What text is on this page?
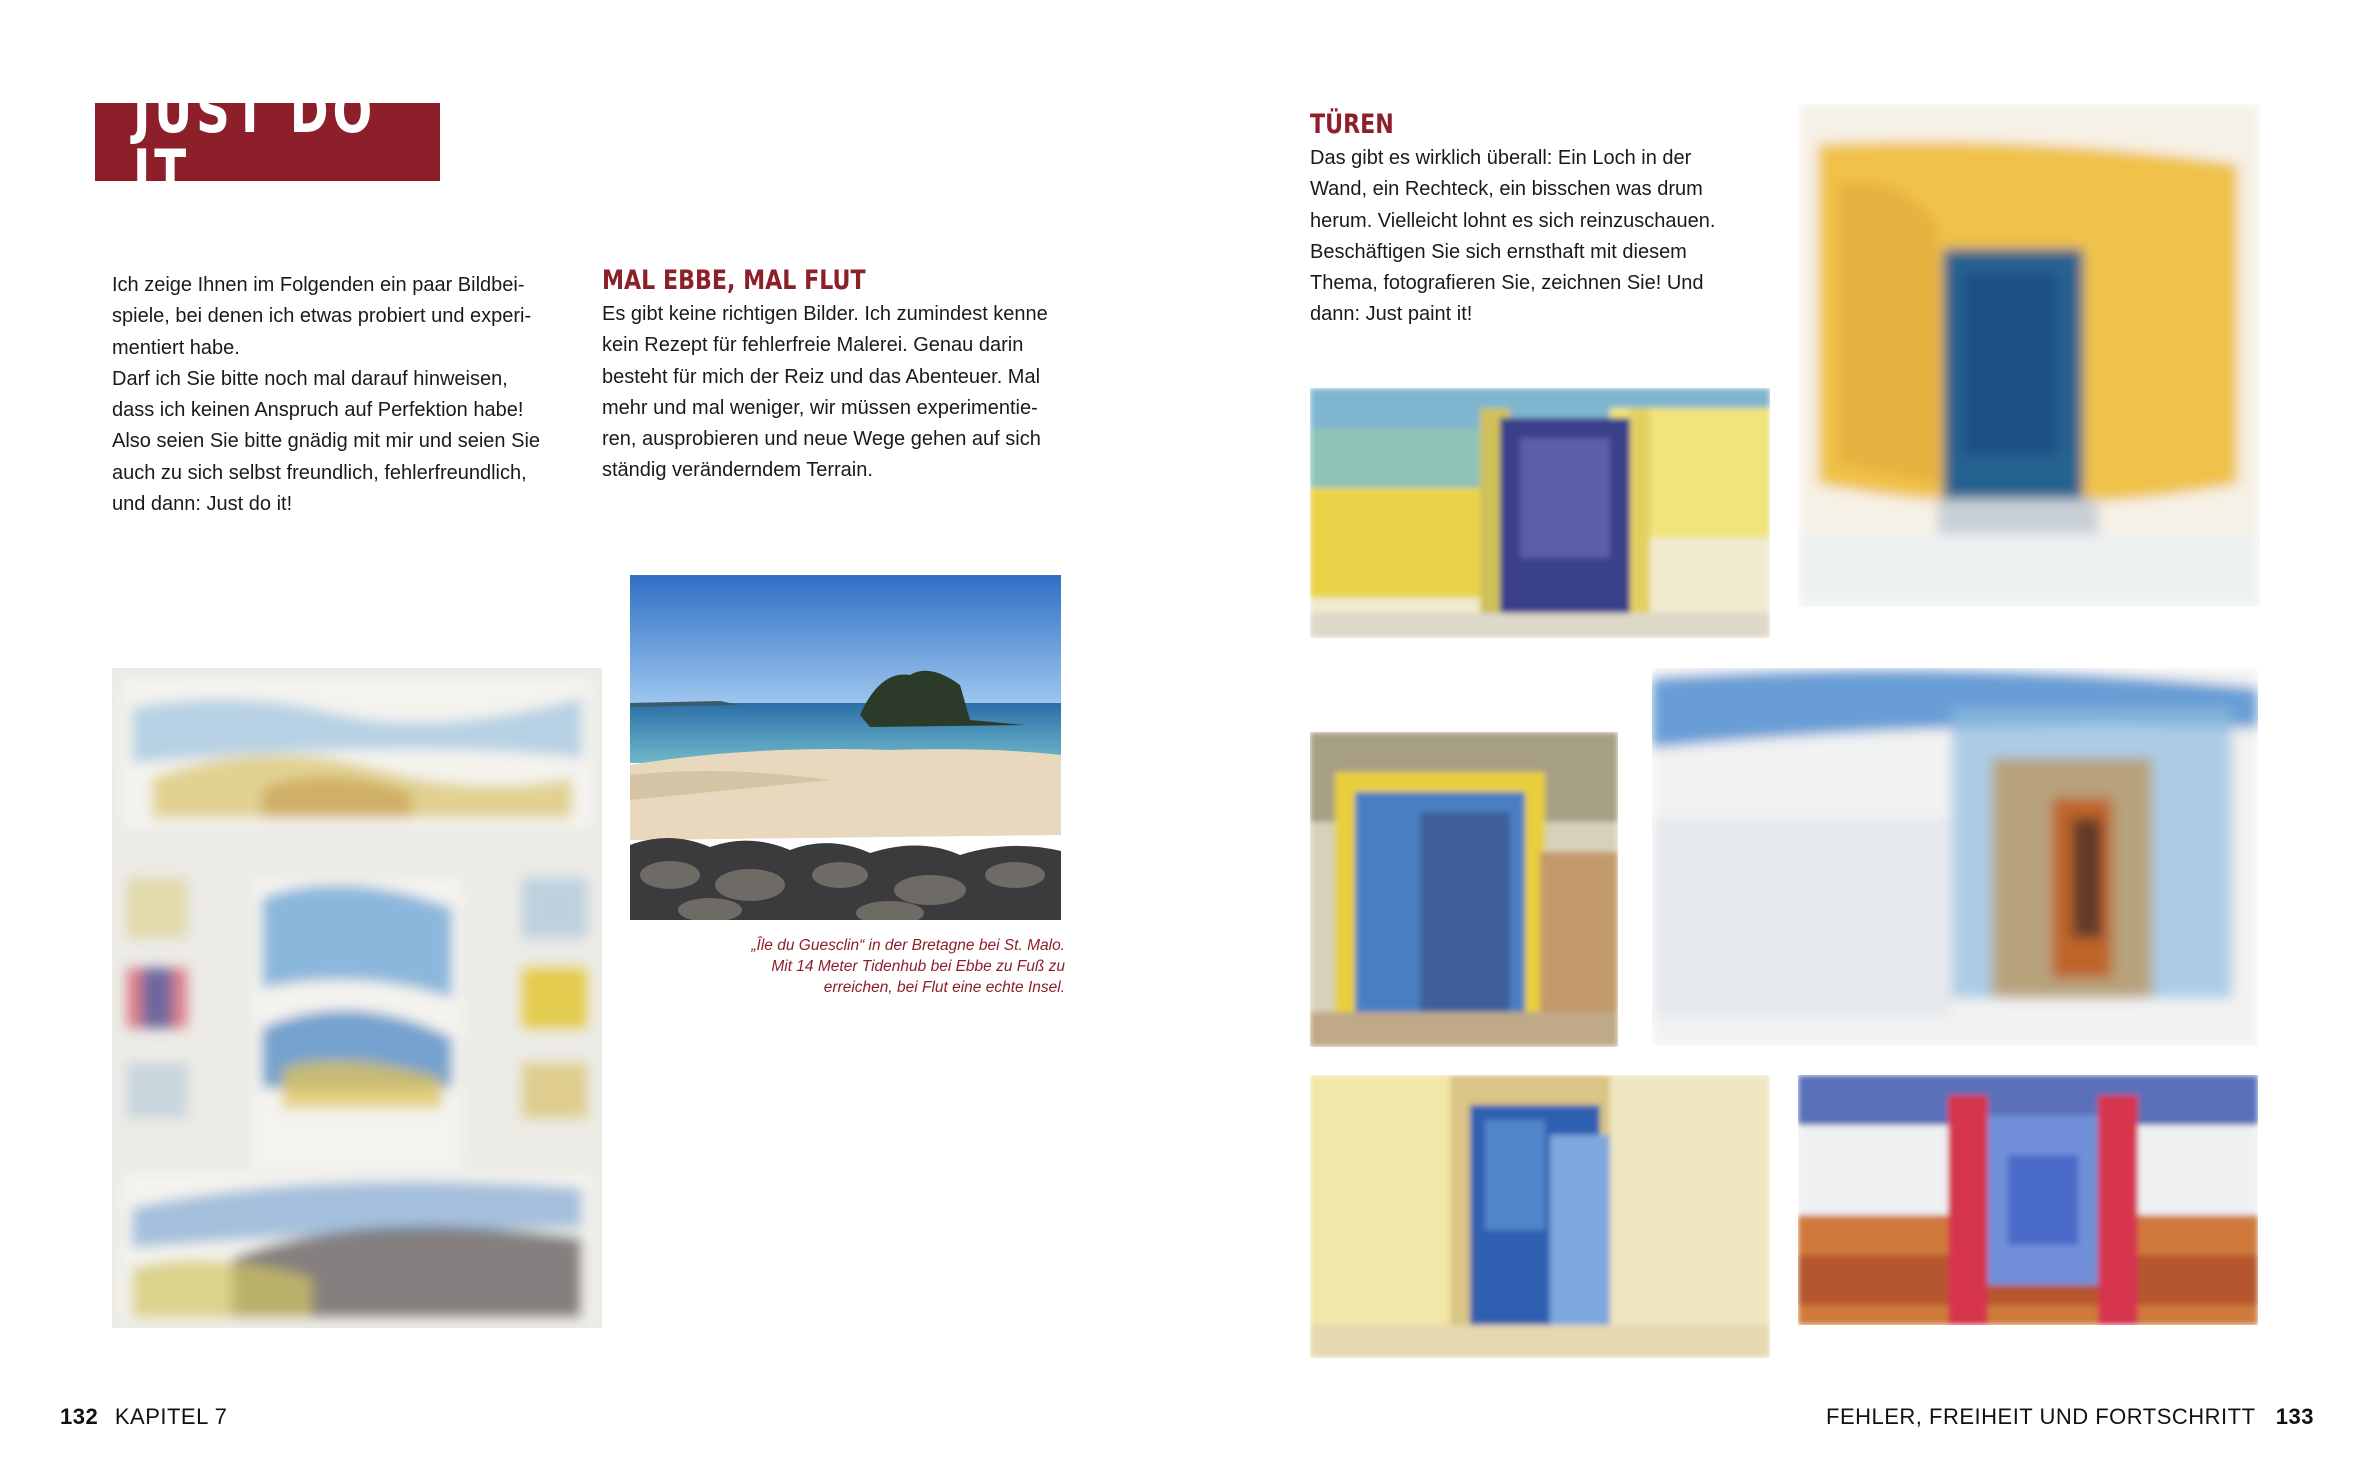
JUST DO IT

Ich zeige Ihnen im Folgenden ein paar Bildbei-

spiele, bei denen ich etwas probiert und experi-

mentiert habe.

Darf ich Sie bitte noch mal darauf hinweisen,

dass ich keinen Anspruch auf Perfektion habe!

Also seien Sie bitte gnädig mit mir und seien Sie

auch zu sich selbst freundlich, fehlerfreundlich,

und dann: Just do it!

MAL EBBE, MAL FLUT

Es gibt keine richtigen Bilder. Ich zumindest kenne

kein Rezept für fehlerfreie Malerei. Genau darin

besteht für mich der Reiz und das Abenteuer. Mal

mehr und mal weniger, wir müssen experimentie-

ren, ausprobieren und neue Wege gehen auf sich

ständig veränderndem Terrain.

TÜREN

Das gibt es wirklich überall: Ein Loch in der

Wand, ein Rechteck, ein bisschen was drum

herum. Vielleicht lohnt es sich reinzuschauen.

Beschäftigen Sie sich ernsthaft mit diesem

Thema, fotografieren Sie, zeichnen Sie! Und

dann: Just paint it!

„Île du Guesclin“ in der Bretagne bei St. Malo.
Mit 14 Meter Tidenhub bei Ebbe zu Fuß zu
erreichen, bei Flut eine echte Insel.
132 KAPITEL 7	FEHLER, FREIHEIT UND FORTSCHRITT 133
